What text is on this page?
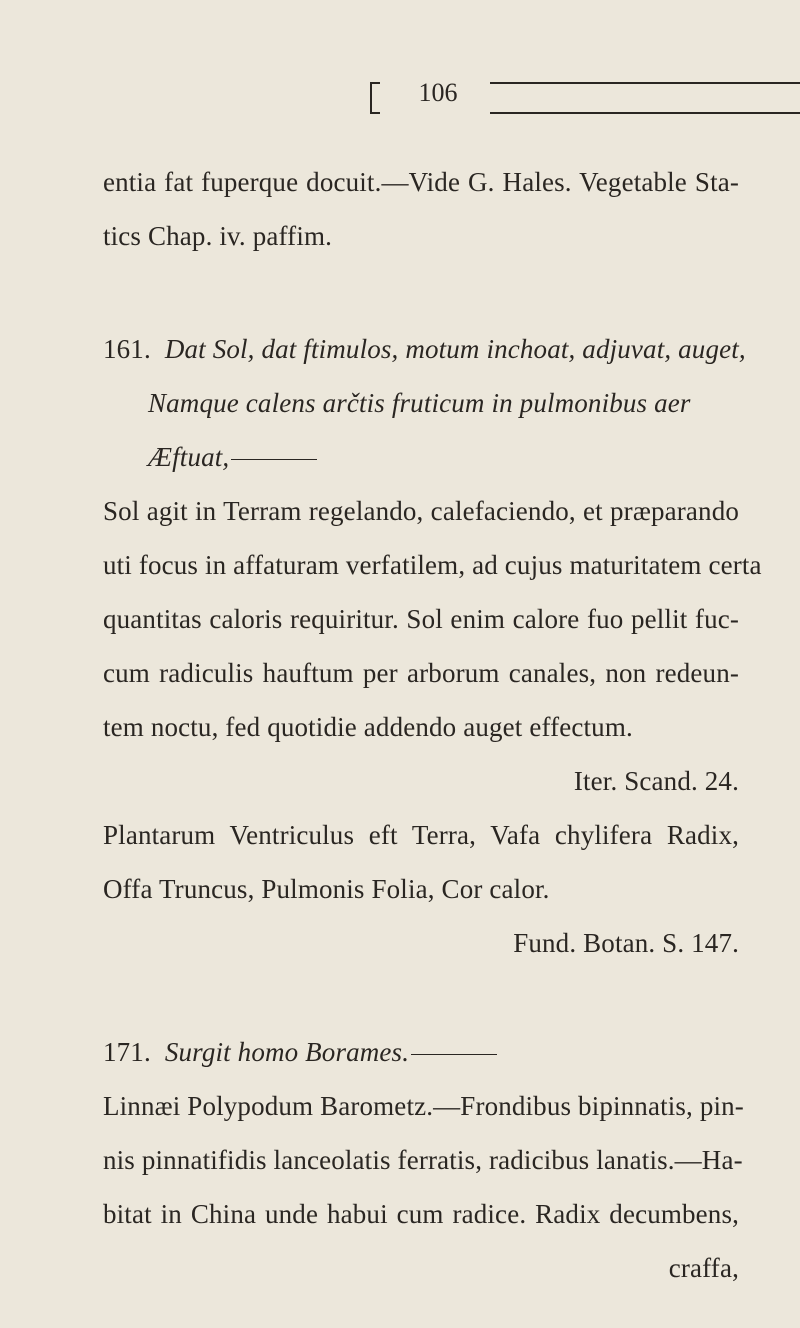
106
entia fat fuperque docuit.—Vide G. Hales. Vegetable Sta-
tics Chap. iv. paffim.
161. Dat Sol, dat ftimulos, motum inchoat, adjuvat, auget,
Namque calens arčtis fruticum in pulmonibus aer
Æftuat,
Sol agit in Terram regelando, calefaciendo, et præparando
uti focus in affaturam verfatilem, ad cujus maturitatem certa
quantitas caloris requiritur. Sol enim calore fuo pellit fuc-
cum radiculis hauftum per arborum canales, non redeun-
tem noctu, fed quotidie addendo auget effectum.
Iter. Scand. 24.
Plantarum Ventriculus eft Terra, Vafa chylifera Radix,
Offa Truncus, Pulmonis Folia, Cor calor.
Fund. Botan. S. 147.
171. Surgit homo Borames.
Linnæi Polypodum Barometz.—Frondibus bipinnatis, pin-
nis pinnatifidis lanceolatis ferratis, radicibus lanatis.—Ha-
bitat in China unde habui cum radice. Radix decumbens,
craffa,
